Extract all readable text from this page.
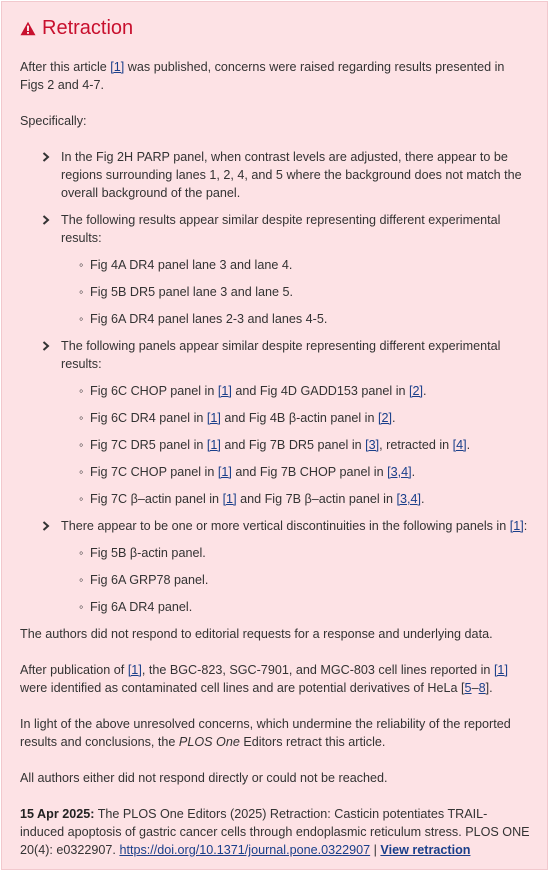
Retraction

After this article [1] was published, concerns were raised regarding results presented in Figs 2 and 4-7.

Specifically:

In the Fig 2H PARP panel, when contrast levels are adjusted, there appear to be regions surrounding lanes 1, 2, 4, and 5 where the background does not match the overall background of the panel.
The following results appear similar despite representing different experimental results:
◦ Fig 4A DR4 panel lane 3 and lane 4.
◦ Fig 5B DR5 panel lane 3 and lane 5.
◦ Fig 6A DR4 panel lanes 2-3 and lanes 4-5.
The following panels appear similar despite representing different experimental results:
◦ Fig 6C CHOP panel in [1] and Fig 4D GADD153 panel in [2].
◦ Fig 6C DR4 panel in [1] and Fig 4B β-actin panel in [2].
◦ Fig 7C DR5 panel in [1] and Fig 7B DR5 panel in [3], retracted in [4].
◦ Fig 7C CHOP panel in [1] and Fig 7B CHOP panel in [3,4].
◦ Fig 7C β–actin panel in [1] and Fig 7B β–actin panel in [3,4].
There appear to be one or more vertical discontinuities in the following panels in [1]:
◦ Fig 5B β-actin panel.
◦ Fig 6A GRP78 panel.
◦ Fig 6A DR4 panel.

The authors did not respond to editorial requests for a response and underlying data.

After publication of [1], the BGC-823, SGC-7901, and MGC-803 cell lines reported in [1] were identified as contaminated cell lines and are potential derivatives of HeLa [5–8].

In light of the above unresolved concerns, which undermine the reliability of the reported results and conclusions, the PLOS One Editors retract this article.

All authors either did not respond directly or could not be reached.

15 Apr 2025: The PLOS One Editors (2025) Retraction: Casticin potentiates TRAIL-induced apoptosis of gastric cancer cells through endoplasmic reticulum stress. PLOS ONE 20(4): e0322907. https://doi.org/10.1371/journal.pone.0322907 | View retraction
